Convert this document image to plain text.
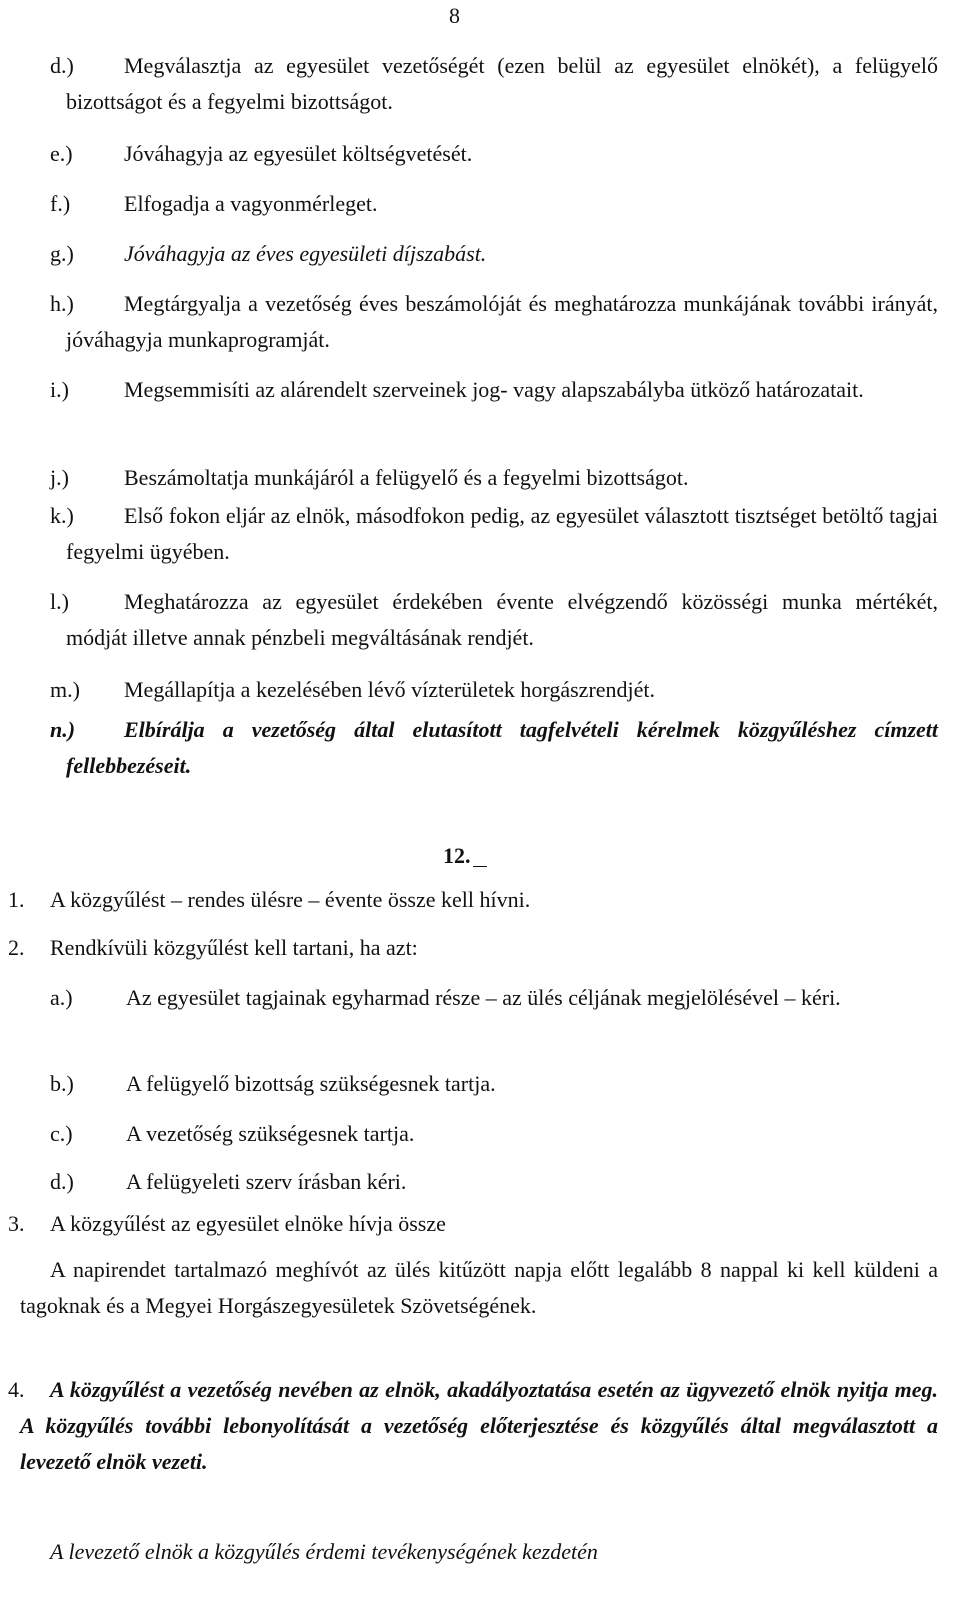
8
Megválasztja az egyesület vezetőségét (ezen belül az egyesület elnökét), a felügyelő bizottságot és a fegyelmi bizottságot.
d.)
Jóváhagyja az egyesület költségvetését.
e.)
Elfogadja a vagyonmérleget.
f.)
Jóváhagyja az éves egyesületi díjszabást.
g.)
Megtárgyalja a vezetőség éves beszámolóját és meghatározza munkájának további irányát, jóváhagyja munkaprogramját.
h.)
Megsemmisíti az alárendelt szerveinek jog- vagy alapszabályba ütköző határozatait.
i.)
Beszámoltatja munkájáról a felügyelő és a fegyelmi bizottságot.
j.)
Első fokon eljár az elnök, másodfokon pedig, az egyesület választott tisztséget betöltő tagjai fegyelmi ügyében.
k.)
Meghatározza az egyesület érdekében évente elvégzendő közösségi munka mértékét, módját illetve annak pénzbeli megváltásának rendjét.
l.)
Megállapítja a kezelésében lévő vízterületek horgászrendjét.
m.)
Elbírálja a vezetőség által elutasított tagfelvételi kérelmek közgyűléshez címzett fellebbezéseit.
n.)
12.
1. A közgyűlést – rendes ülésre – évente össze kell hívni.
2. Rendkívüli közgyűlést kell tartani, ha azt:
Az egyesület tagjainak egyharmad része – az ülés céljának megjelölésével – kéri.
a.)
A felügyelő bizottság szükségesnek tartja.
b.)
A vezetőség szükségesnek tartja.
c.)
A felügyeleti szerv írásban kéri.
d.)
3. A közgyűlést az egyesület elnöke hívja össze
A napirendet tartalmazó meghívót az ülés kitűzött napja előtt legalább 8 nappal ki kell küldeni a tagoknak és a Megyei Horgászegyesületek Szövetségének.
4.	A közgyűlést a vezetőség nevében az elnök, akadályoztatása esetén az ügyvezető elnök nyitja meg. A közgyűlés további lebonyolítását a vezetőség előterjesztése és közgyűlés által megválasztott a levezető elnök vezeti.
A levezető elnök a közgyűlés érdemi tevékenységének kezdetén
